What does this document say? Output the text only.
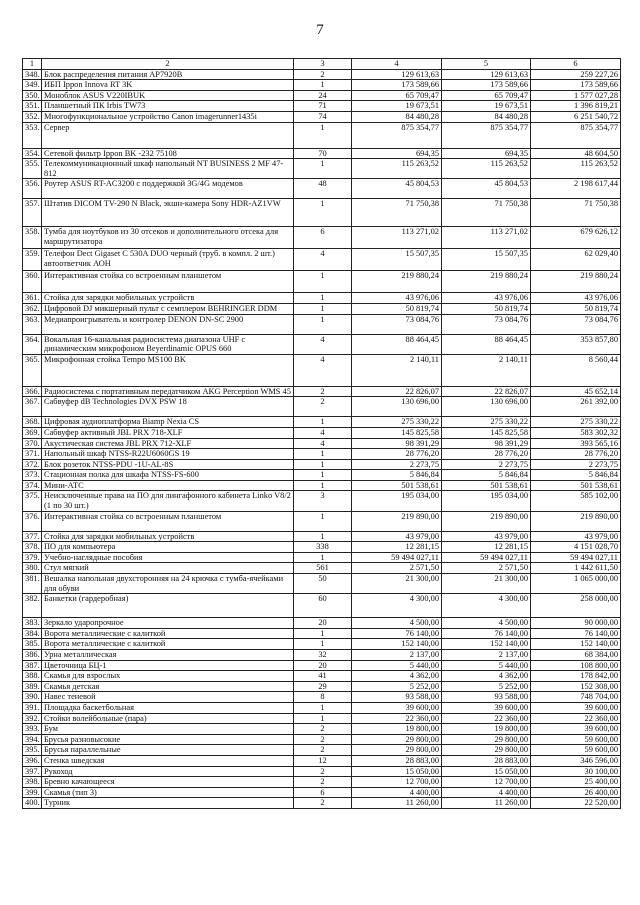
7
1	2	3	4	5	6
348.	Блок распределения питания AP7920B	2	129 613,63	129 613,63	259 227,26
349.	ИБП Ippon Innova RT 3K	1	173 589,66	173 589,66	173 589,66
350.	Моноблок ASUS V220IBUK	24	65 709,47	65 709,47	1 577 027,28
351.	Планшетный ПК Irbis TW73	71	19 673,51	19 673,51	1 396 819,21
352.	Многофункциональное устройство Canon imagerunner1435i	74	84 480,28	84 480,28	6 251 540,72
353.	Сервер	1	875 354,77	875 354,77	875 354,77
354.	Сетевой фильтр Ippon BK -232 75108	70	694,35	694,35	48 604,50
355.	Телекоммуникационный шкаф напольный NT BUSINESS 2 MF 47-812	1	115 263,52	115 263,52	115 263,52
356.	Роутер ASUS RT-AC3200 с поддержкой 3G/4G модемов	48	45 804,53	45 804,53	2 198 617,44
357.	Штатив DICOM TV-290 N Black, экшн-камера Sony HDR-AZ1VW	1	71 750,38	71 750,38	71 750,38
358.	Тумба для ноутбуков из 30 отсеков и дополнительного отсека для маршрутизатора	6	113 271,02	113 271,02	679 626,12
359.	Телефон Dect Gigaset C 530A DUO черный (труб. в компл. 2 шт.) автоответчик АОН	4	15 507,35	15 507,35	62 029,40
360.	Интерактивная стойка со встроенным планшетом	1	219 880,24	219 880,24	219 880,24
361.	Стойка для зарядки мобильных устройств	1	43 976,06	43 976,06	43 976,06
362.	Цифровой DJ микшерный пульт с семплером BEHRINGER DDM	1	50 819,74	50 819,74	50 819,74
363.	Медиапроигрыватель и контролер DENON DN-SC 2900	1	73 084,76	73 084,76	73 084,76
364.	Вокальная 16-канальная радиосистема диапазона UHF с динамическим микрофоном Beyerdinamic OPUS 660	4	88 464,45	88 464,45	353 857,80
365.	Микрофонная стойка Tempo MS100 BK	4	2 140,11	2 140,11	8 560,44
366.	Радиосистема с портативным передатчиком AKG Perception WMS 45	2	22 826,07	22 826,07	45 652,14
367.	Сабвуфер dB Technologies DVX PSW 18	2	130 696,00	130 696,00	261 392,00
368.	Цифровая аудиоплатформа Biamp Nexia CS	1	275 330,22	275 330,22	275 330,22
369.	Сабвуфер активный JBL PRX 718-XLF	4	145 825,58	145 825,58	583 302,32
370.	Акустическая система JBL PRX 712-XLF	4	98 391,29	98 391,29	393 565,16
371.	Напольный шкаф NTSS-R22U6060GS 19	1	28 776,20	28 776,20	28 776,20
372.	Блок розеток NTSS-PDU -1U-AL-8S	1	2 273,75	2 273,75	2 273,75
373.	Стационная полка для шкафа NTSS-FS-600	1	5 846,84	5 846,84	5 846,84
374.	Мини-АТС	1	501 538,61	501 538,61	501 538,61
375.	Неисключенные права на ПО для лингафонного кабинета Linko V8/2 (1 по 30 шт.)	3	195 034,00	195 034,00	585 102,00
376.	Интерактивная стойка со встроенным планшетом	1	219 890,00	219 890,00	219 890,00
377.	Стойка для зарядки мобильных устройств	1	43 979,00	43 979,00	43 979,00
378.	ПО для компьютера	338	12 281,15	12 281,15	4 151 028,70
379.	Учебно-наглядные пособия	1	59 494 027,11	59 494 027,11	59 494 027,11
380.	Стул мягкий	561	2 571,50	2 571,50	1 442 611,50
381.	Вешалка напольная двухсторонняя на 24 крючка с тумба-ячейками для обуви	50	21 300,00	21 300,00	1 065 000,00
382.	Банкетки (гардеробная)	60	4 300,00	4 300,00	258 000,00
383.	Зеркало ударопрочное	20	4 500,00	4 500,00	90 000,00
384.	Ворота металлические с калиткой	1	76 140,00	76 140,00	76 140,00
385.	Ворота металлические с калиткой	1	152 140,00	152 140,00	152 140,00
386.	Урна металлическая	32	2 137,00	2 137,00	68 384,00
387.	Цветочница БЦ-1	20	5 440,00	5 440,00	108 800,00
388.	Скамья для взрослых	41	4 362,00	4 362,00	178 842,00
389.	Скамья детская	29	5 252,00	5 252,00	152 308,00
390.	Навес теневой	8	93 588,00	93 588,00	748 704,00
391.	Площадка баскетбольная	1	39 600,00	39 600,00	39 600,00
392.	Стойки волейбольные (пара)	1	22 360,00	22 360,00	22 360,00
393.	Бум	2	19 800,00	19 800,00	39 600,00
394.	Брусья разновысокие	2	29 800,00	29 800,00	59 600,00
395.	Брусья параллельные	2	29 800,00	29 800,00	59 600,00
396.	Стенка шведская	12	28 883,00	28 883,00	346 596,00
397.	Рукоход	2	15 050,00	15 050,00	30 100,00
398.	Бревно качающееся	2	12 700,00	12 700,00	25 400,00
399.	Скамья (тип 3)	6	4 400,00	4 400,00	26 400,00
400.	Турник	2	11 260,00	11 260,00	22 520,00
